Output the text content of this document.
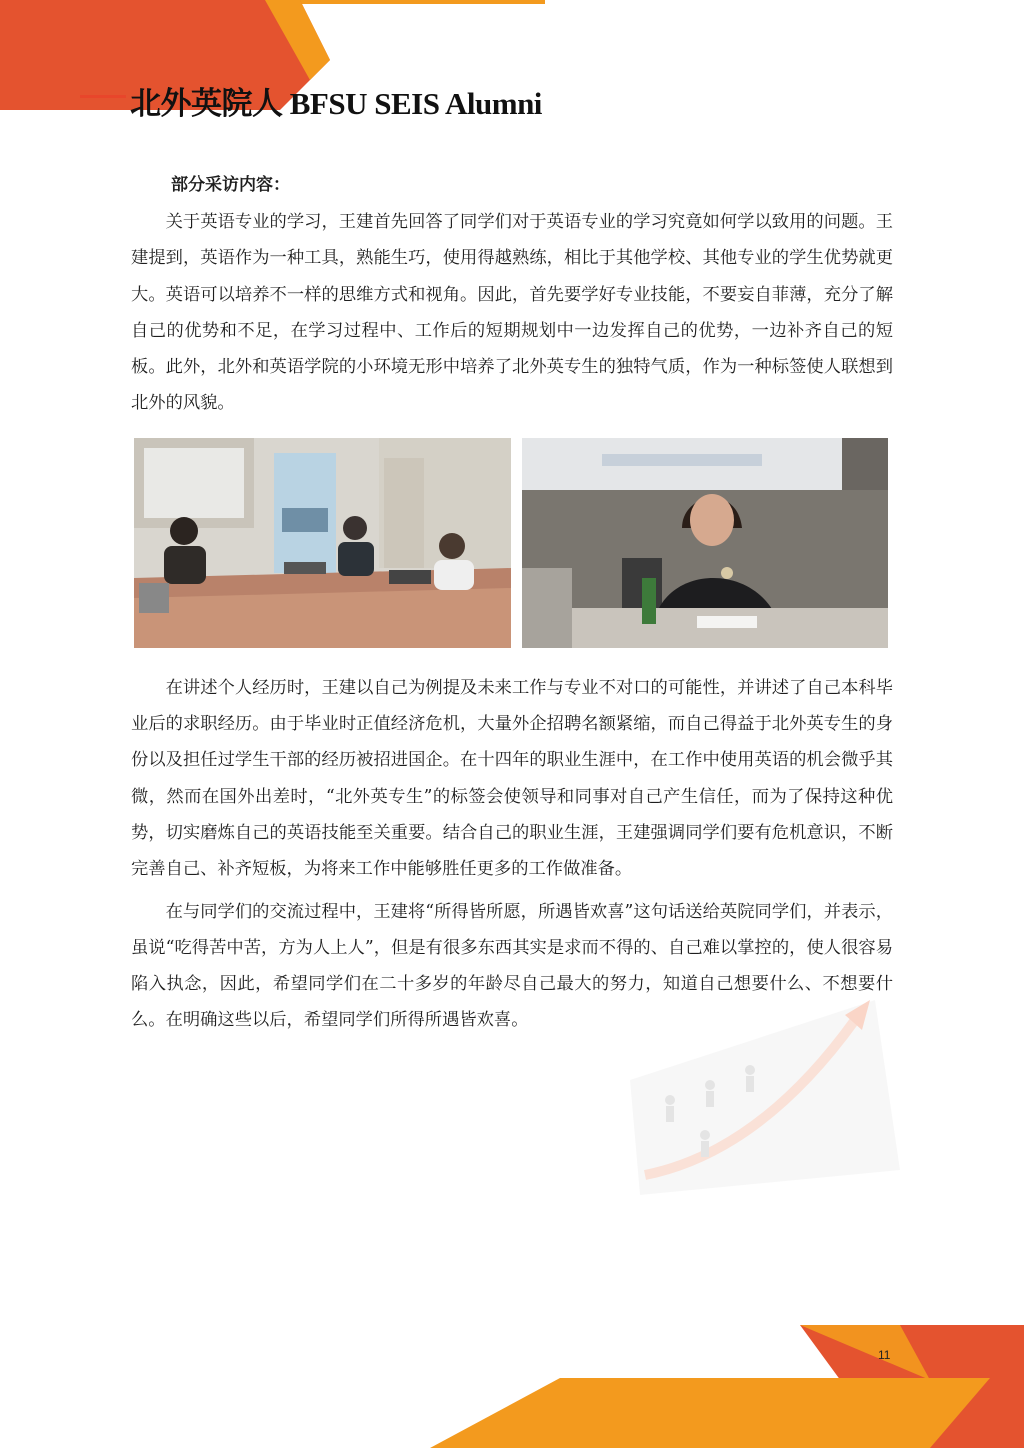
北外英院人 BFSU SEIS Alumni

部分采访内容：

关于英语专业的学习，王建首先回答了同学们对于英语专业的学习究竟如何学以致用的问题。王建提到，英语作为一种工具，熟能生巧，使用得越熟练，相比于其他学校、其他专业的学生优势就更大。英语可以培养不一样的思维方式和视角。因此，首先要学好专业技能，不要妄自菲薄，充分了解自己的优势和不足，在学习过程中、工作后的短期规划中一边发挥自己的优势，一边补齐自己的短板。此外，北外和英语学院的小环境无形中培养了北外英专生的独特气质，作为一种标签使人联想到北外的风貌。

在讲述个人经历时，王建以自己为例提及未来工作与专业不对口的可能性，并讲述了自己本科毕业后的求职经历。由于毕业时正值经济危机，大量外企招聘名额紧缩，而自己得益于北外英专生的身份以及担任过学生干部的经历被招进国企。在十四年的职业生涯中，在工作中使用英语的机会微乎其微，然而在国外出差时，“北外英专生”的标签会使领导和同事对自己产生信任，而为了保持这种优势，切实磨炼自己的英语技能至关重要。结合自己的职业生涯，王建强调同学们要有危机意识，不断完善自己、补齐短板，为将来工作中能够胜任更多的工作做准备。

在与同学们的交流过程中，王建将“所得皆所愿，所遇皆欢喜”这句话送给英院同学们，并表示，虽说“吃得苦中苦，方为人上人”，但是有很多东西其实是求而不得的、自己难以掌控的，使人很容易陷入执念，因此，希望同学们在二十多岁的年龄尽自己最大的努力，知道自己想要什么、不想要什么。在明确这些以后，希望同学们所得所遇皆欢喜。

11
